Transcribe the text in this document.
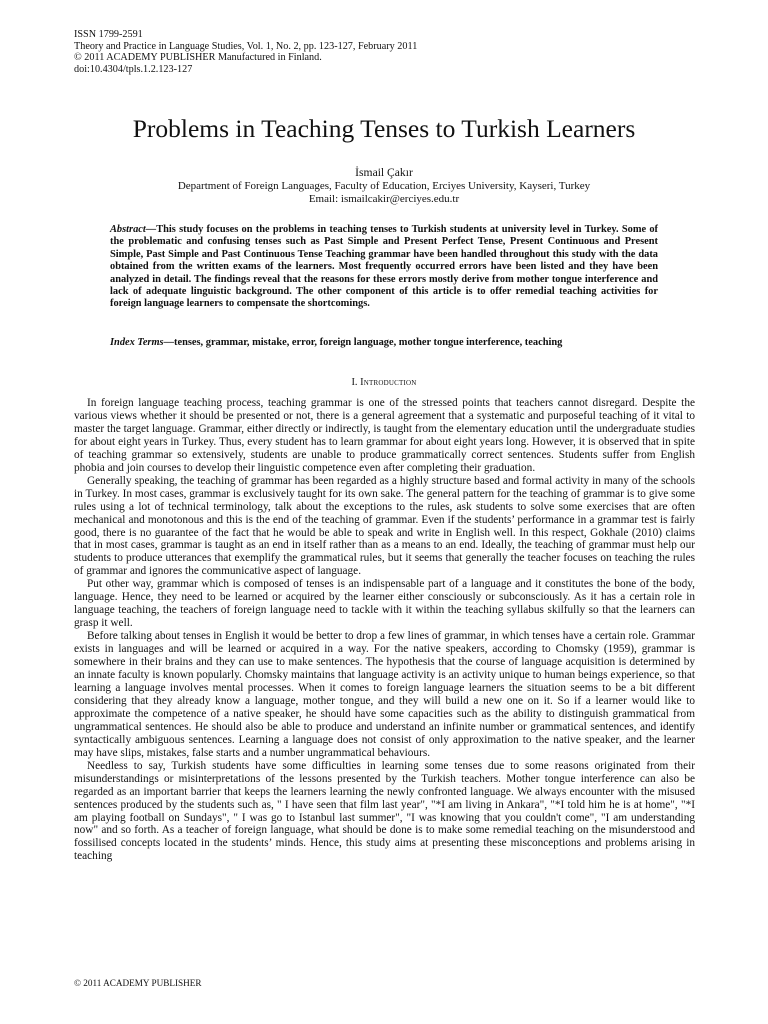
ISSN 1799-2591
Theory and Practice in Language Studies, Vol. 1, No. 2, pp. 123-127, February 2011
© 2011 ACADEMY PUBLISHER Manufactured in Finland.
doi:10.4304/tpls.1.2.123-127
Problems in Teaching Tenses to Turkish Learners
İsmail Çakır
Department of Foreign Languages, Faculty of Education, Erciyes University, Kayseri, Turkey
Email: ismailcakir@erciyes.edu.tr
Abstract—This study focuses on the problems in teaching tenses to Turkish students at university level in Turkey. Some of the problematic and confusing tenses such as Past Simple and Present Perfect Tense, Present Continuous and Present Simple, Past Simple and Past Continuous Tense Teaching grammar have been handled throughout this study with the data obtained from the written exams of the learners. Most frequently occurred errors have been listed and they have been analyzed in detail. The findings reveal that the reasons for these errors mostly derive from mother tongue interference and lack of adequate linguistic background. The other component of this article is to offer remedial teaching activities for foreign language learners to compensate the shortcomings.
Index Terms—tenses, grammar, mistake, error, foreign language, mother tongue interference, teaching
I. Introduction

In foreign language teaching process, teaching grammar is one of the stressed points that teachers cannot disregard. Despite the various views whether it should be presented or not, there is a general agreement that a systematic and purposeful teaching of it vital to master the target language. Grammar, either directly or indirectly, is taught from the elementary education until the undergraduate studies for about eight years in Turkey. Thus, every student has to learn grammar for about eight years long. However, it is observed that in spite of teaching grammar so extensively, students are unable to produce grammatically correct sentences. Students suffer from English phobia and join courses to develop their linguistic competence even after completing their graduation.

Generally speaking, the teaching of grammar has been regarded as a highly structure based and formal activity in many of the schools in Turkey. In most cases, grammar is exclusively taught for its own sake. The general pattern for the teaching of grammar is to give some rules using a lot of technical terminology, talk about the exceptions to the rules, ask students to solve some exercises that are often mechanical and monotonous and this is the end of the teaching of grammar. Even if the students’ performance in a grammar test is fairly good, there is no guarantee of the fact that he would be able to speak and write in English well. In this respect, Gokhale (2010) claims that in most cases, grammar is taught as an end in itself rather than as a means to an end. Ideally, the teaching of grammar must help our students to produce utterances that exemplify the grammatical rules, but it seems that generally the teacher focuses on teaching the rules of grammar and ignores the communicative aspect of language.

Put other way, grammar which is composed of tenses is an indispensable part of a language and it constitutes the bone of the body, language. Hence, they need to be learned or acquired by the learner either consciously or subconsciously. As it has a certain role in language teaching, the teachers of foreign language need to tackle with it within the teaching syllabus skilfully so that the learners can grasp it well.

Before talking about tenses in English it would be better to drop a few lines of grammar, in which tenses have a certain role. Grammar exists in languages and will be learned or acquired in a way. For the native speakers, according to Chomsky (1959), grammar is somewhere in their brains and they can use to make sentences. The hypothesis that the course of language acquisition is determined by an innate faculty is known popularly. Chomsky maintains that language activity is an activity unique to human beings experience, so that learning a language involves mental processes. When it comes to foreign language learners the situation seems to be a bit different considering that they already know a language, mother tongue, and they will build a new one on it. So if a learner would like to approximate the competence of a native speaker, he should have some capacities such as the ability to distinguish grammatical from ungrammatical sentences. He should also be able to produce and understand an infinite number or grammatical sentences, and identify syntactically ambiguous sentences. Learning a language does not consist of only approximation to the native speaker, and the learner may have slips, mistakes, false starts and a number ungrammatical behaviours.

Needless to say, Turkish students have some difficulties in learning some tenses due to some reasons originated from their misunderstandings or misinterpretations of the lessons presented by the Turkish teachers. Mother tongue interference can also be regarded as an important barrier that keeps the learners learning the newly confronted language. We always encounter with the misused sentences produced by the students such as, " I have seen that film last year", "*I am living in Ankara", "*I told him he is at home", "*I am playing football on Sundays", " I was go to Istanbul last summer", "I was knowing that you couldn't come", "I am understanding now" and so forth. As a teacher of foreign language, what should be done is to make some remedial teaching on the misunderstood and fossilised concepts located in the students’ minds. Hence, this study aims at presenting these misconceptions and problems arising in teaching

© 2011 ACADEMY PUBLISHER
